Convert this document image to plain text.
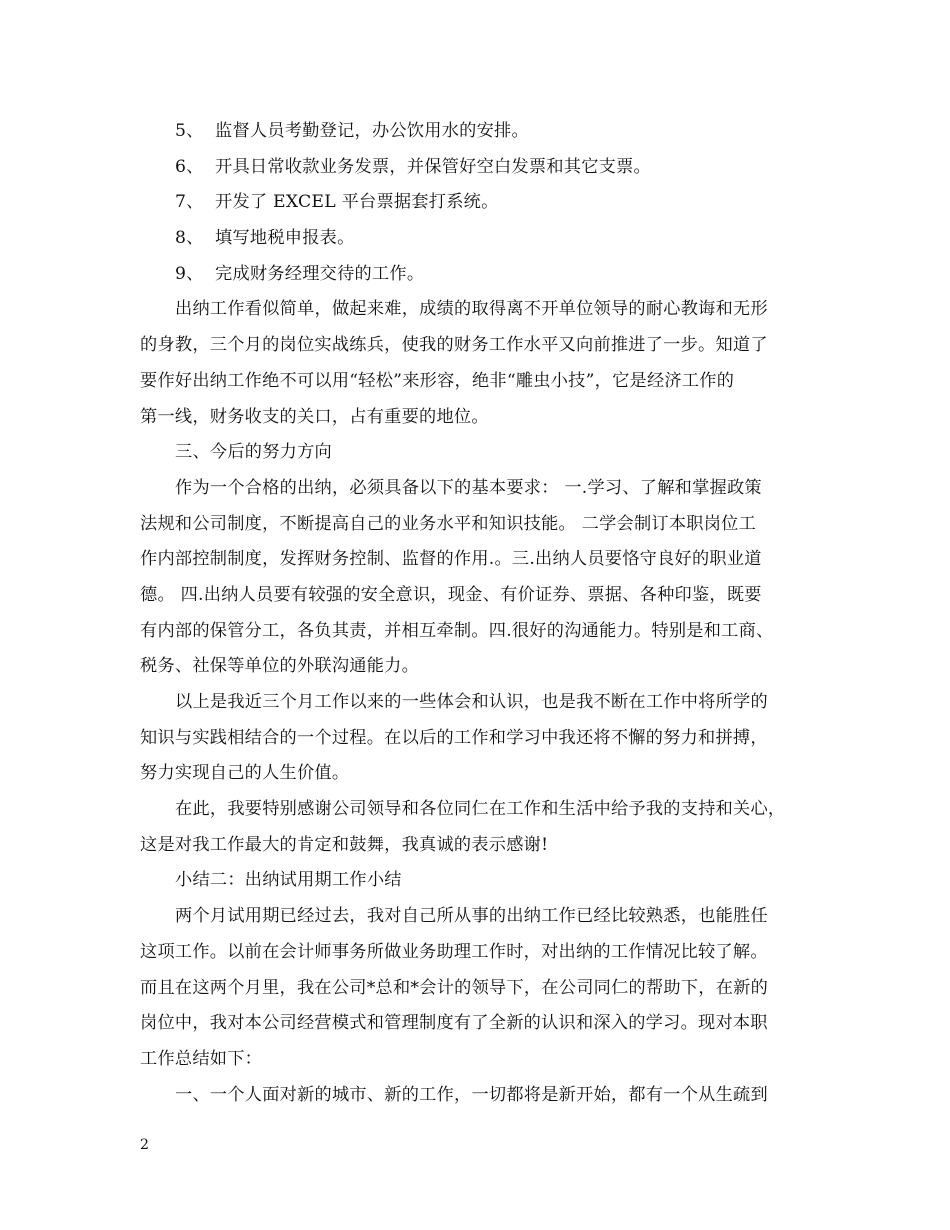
5、 监督人员考勤登记，办公饮用水的安排。
6、 开具日常收款业务发票，并保管好空白发票和其它支票。
7、 开发了 EXCEL 平台票据套打系统。
8、 填写地税申报表。
9、 完成财务经理交待的工作。
出纳工作看似简单，做起来难，成绩的取得离不开单位领导的耐心教诲和无形
的身教，三个月的岗位实战练兵，使我的财务工作水平又向前推进了一步。知道了
要作好出纳工作绝不可以用“轻松”来形容，绝非“雕虫小技”，它是经济工作的
第一线，财务收支的关口，占有重要的地位。
三、今后的努力方向
作为一个合格的出纳，必须具备以下的基本要求： 一.学习、了解和掌握政策
法规和公司制度，不断提高自己的业务水平和知识技能。 二学会制订本职岗位工
作内部控制制度，发挥财务控制、监督的作用.。三.出纳人员要恪守良好的职业道
德。 四.出纳人员要有较强的安全意识，现金、有价证券、票据、各种印鉴，既要
有内部的保管分工，各负其责，并相互牵制。四.很好的沟通能力。特别是和工商、
税务、社保等单位的外联沟通能力。
以上是我近三个月工作以来的一些体会和认识，也是我不断在工作中将所学的
知识与实践相结合的一个过程。在以后的工作和学习中我还将不懈的努力和拼搏，
努力实现自己的人生价值。
在此，我要特别感谢公司领导和各位同仁在工作和生活中给予我的支持和关心，
这是对我工作最大的肯定和鼓舞，我真诚的表示感谢!
小结二：出纳试用期工作小结
两个月试用期已经过去，我对自己所从事的出纳工作已经比较熟悉，也能胜任
这项工作。以前在会计师事务所做业务助理工作时，对出纳的工作情况比较了解。
而且在这两个月里，我在公司*总和*会计的领导下，在公司同仁的帮助下，在新的
岗位中，我对本公司经营模式和管理制度有了全新的认识和深入的学习。现对本职
工作总结如下：
一、一个人面对新的城市、新的工作，一切都将是新开始，都有一个从生疏到
2
